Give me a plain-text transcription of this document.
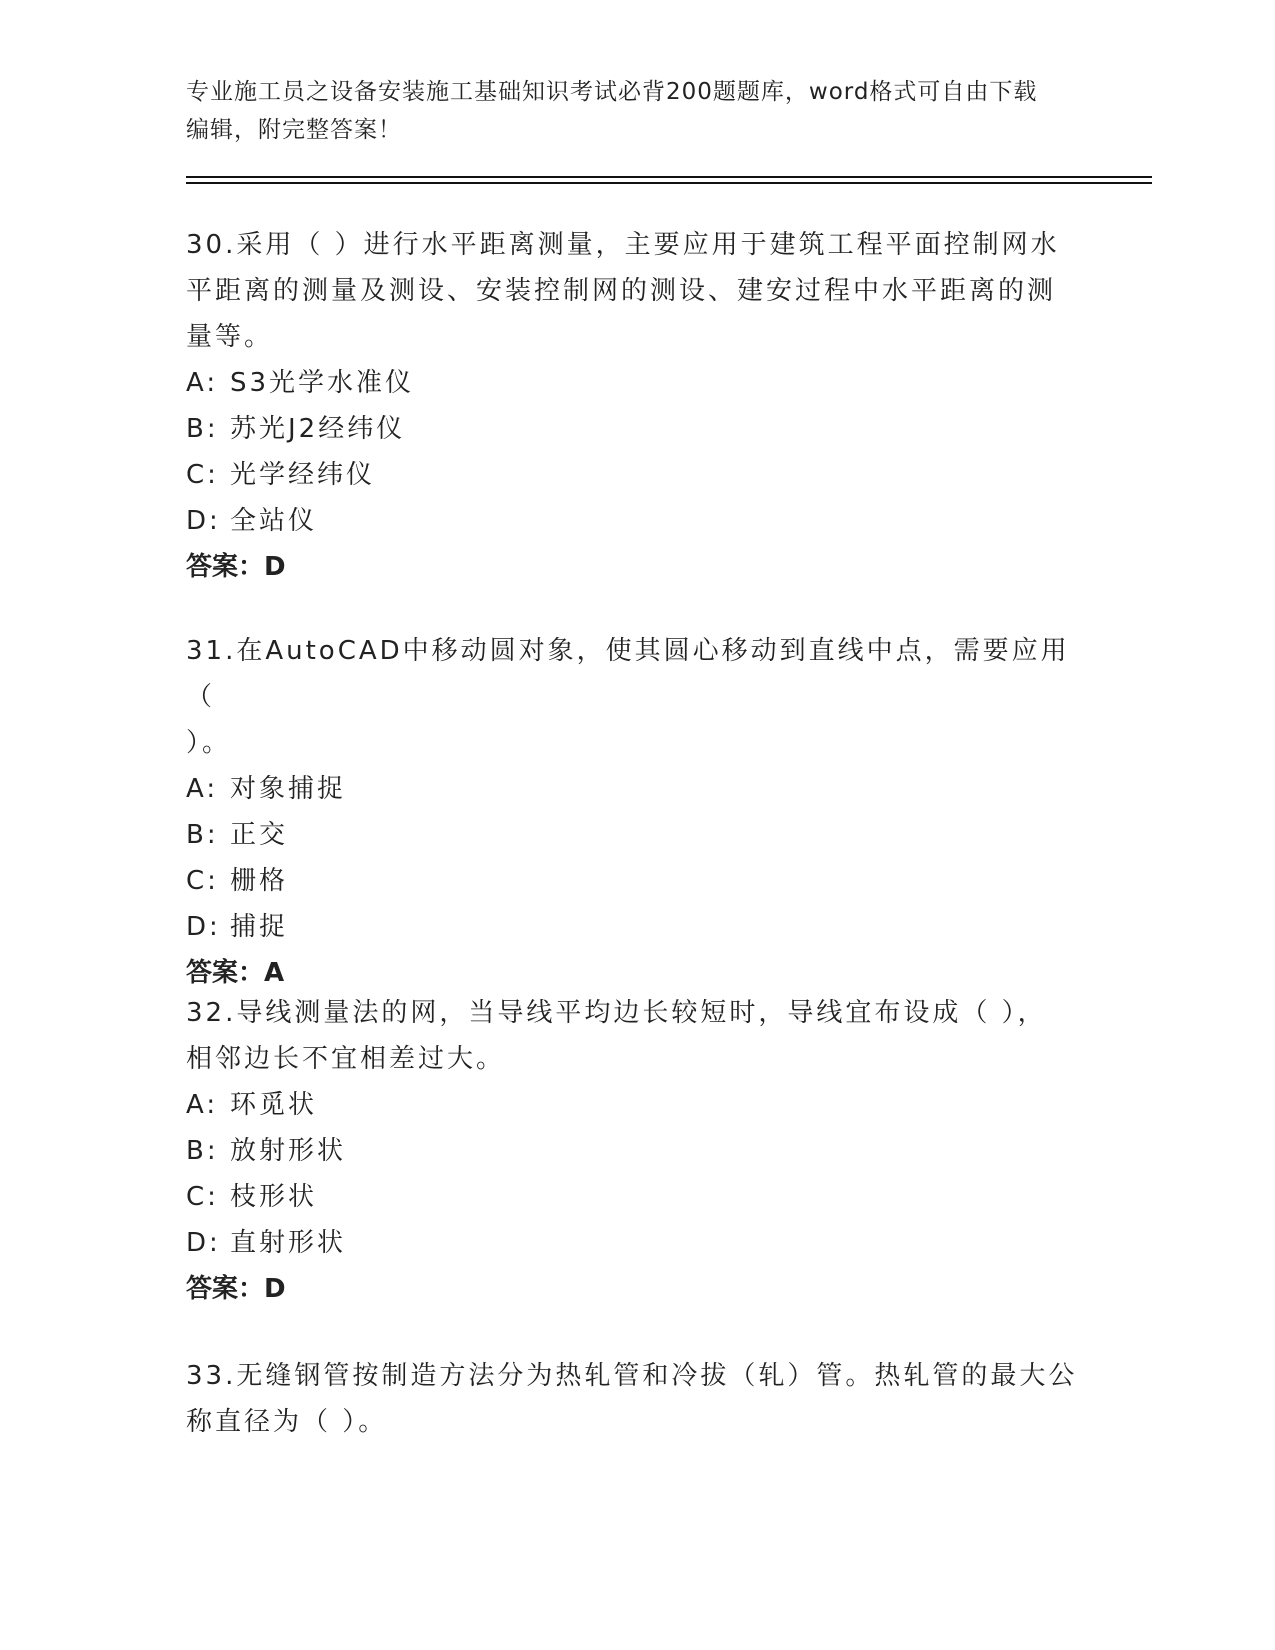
专业施工员之设备安装施工基础知识考试必背200题题库，word格式可自由下载
编辑，附完整答案！
30.采用（ ）进行水平距离测量，主要应用于建筑工程平面控制网水
平距离的测量及测设、安装控制网的测设、建安过程中水平距离的测
量等。
A: S3光学水准仪
B: 苏光J2经纬仪
C: 光学经纬仪
D: 全站仪
答案：D
31.在AutoCAD中移动圆对象，使其圆心移动到直线中点，需要应用（
）。
A: 对象捕捉
B: 正交
C: 栅格
D: 捕捉
答案：A
32.导线测量法的网，当导线平均边长较短时，导线宜布设成（ ），
相邻边长不宜相差过大。
A: 环觅状
B: 放射形状
C: 枝形状
D: 直射形状
答案：D
33.无缝钢管按制造方法分为热轧管和冷拔（轧）管。热轧管的最大公
称直径为（ ）。
